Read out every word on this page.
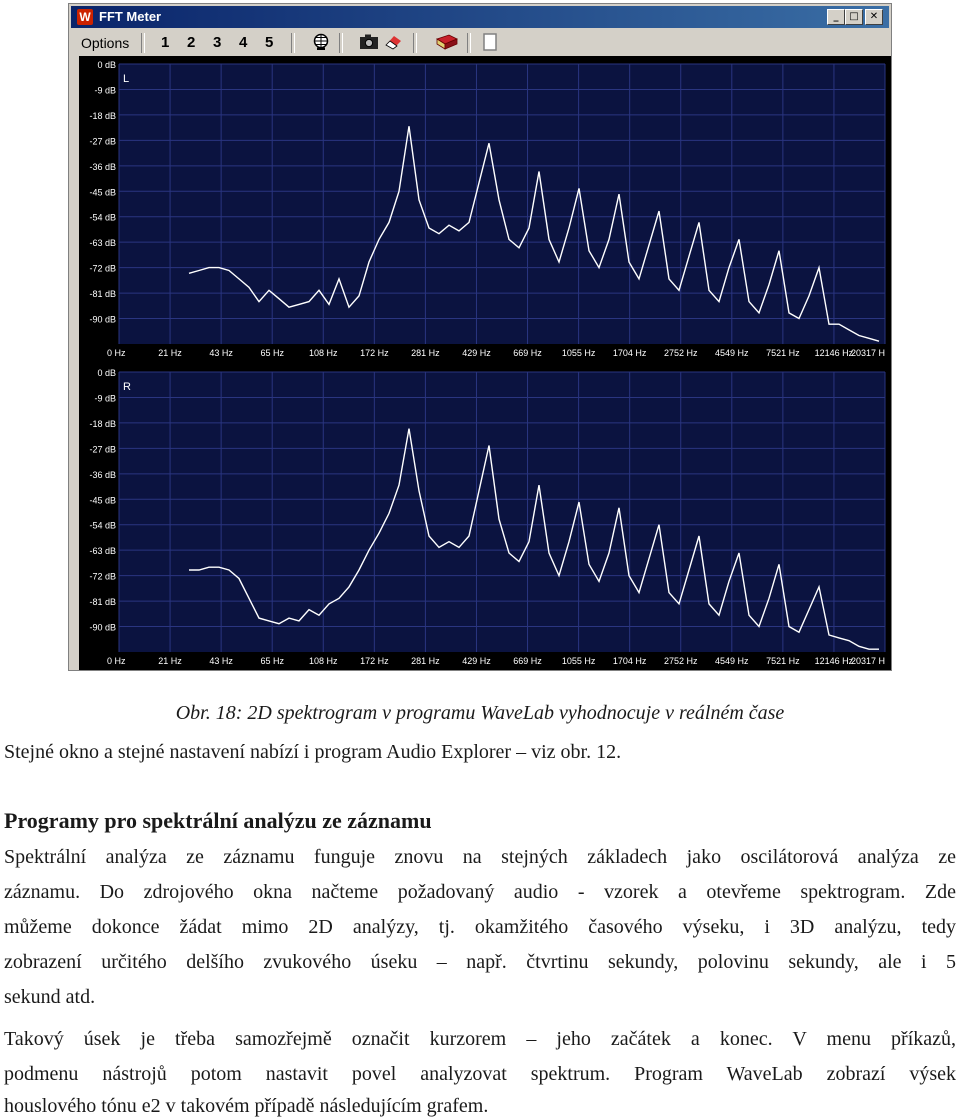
W FFT Meter	_	□	✕
Options 1 2 3 4 5
0 dB
-9 dB
-18 dB
-27 dB
-36 dB
-45 dB
-54 dB
-63 dB
-72 dB
-81 dB
-90 dB
0 Hz	21 Hz	43 Hz	65 Hz	108 Hz	172 Hz	281 Hz	429 Hz	669 Hz 1055 Hz 1704 Hz 2752 Hz 4549 Hz 7521 Hz 12146 Hz
20317 H
L
0 dB
-9 dB
-18 dB
-27 dB
-36 dB
-45 dB
-54 dB
-63 dB
-72 dB
-81 dB
-90 dB
0 Hz	21 Hz	43 Hz	65 Hz	108 Hz	172 Hz	281 Hz	429 Hz	669 Hz 1055 Hz 1704 Hz 2752 Hz 4549 Hz 7521 Hz 12146 Hz
20317 H
R
Obr. 18: 2D spektrogram v programu WaveLab vyhodnocuje v reálném čase
Stejné okno a stejné nastavení nabízí i program Audio Explorer – viz obr. 12.
Programy pro spektrální analýzu ze záznamu
Spektrální analýza ze záznamu funguje znovu na stejných základech jako oscilátorová analýza ze
záznamu. Do zdrojového okna načteme požadovaný audio - vzorek a otevřeme spektrogram. Zde
můžeme dokonce žádat mimo 2D analýzy, tj. okamžitého časového výseku, i 3D analýzu, tedy
zobrazení určitého delšího zvukového úseku – např. čtvrtinu sekundy, polovinu sekundy, ale i 5
sekund atd.
Takový úsek je třeba samozřejmě označit kurzorem – jeho začátek a konec. V menu příkazů,
podmenu nástrojů potom nastavit povel analyzovat spektrum. Program WaveLab zobrazí výsek
houslového tónu e2 v takovém případě následujícím grafem.
